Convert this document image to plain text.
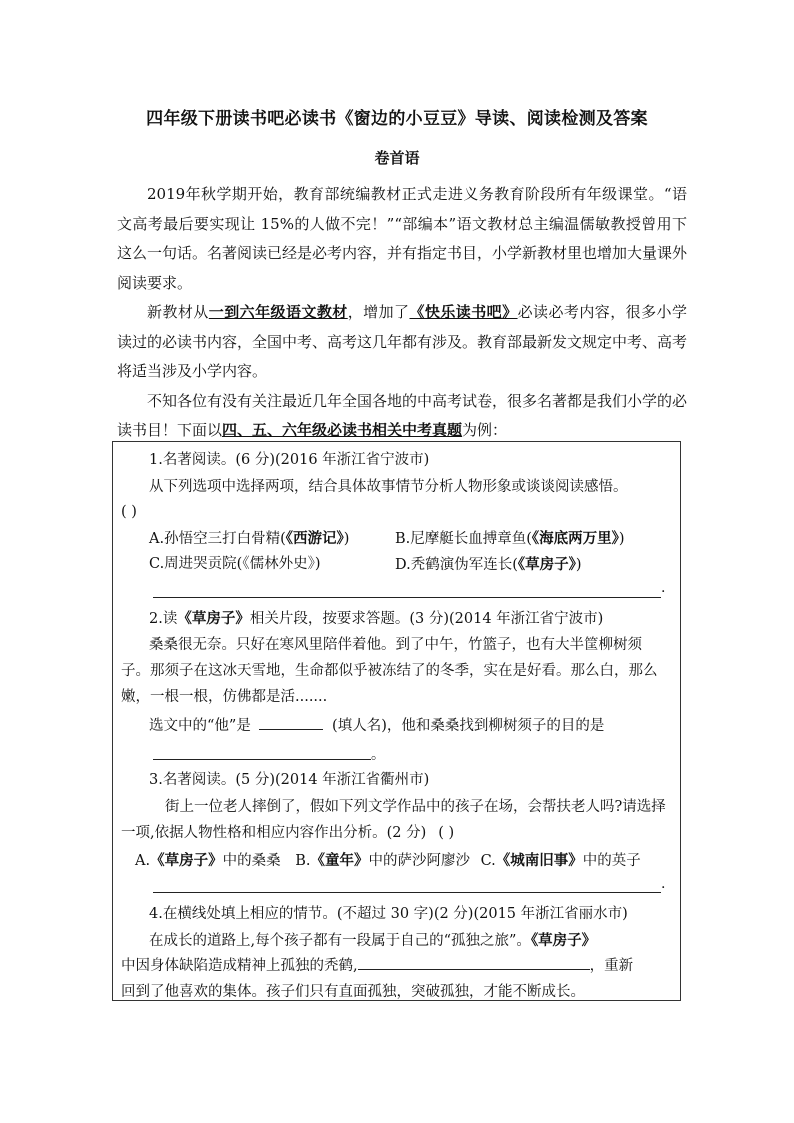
四年级下册读书吧必读书《窗边的小豆豆》导读、阅读检测及答案
卷首语

2019年秋学期开始，教育部统编教材正式走进义务教育阶段所有年级课堂。“语文高考最后要实现让 15%的人做不完！”“部编本”语文教材总主编温儒敏教授曾用下这么一句话。名著阅读已经是必考内容，并有指定书目，小学新教材里也增加大量课外阅读要求。

新教材从一到六年级语文教材，增加了《快乐读书吧》必读必考内容，很多小学读过的必读书内容，全国中考、高考这几年都有涉及。教育部最新发文规定中考、高考将适当涉及小学内容。

不知各位有没有关注最近几年全国各地的中高考试卷，很多名著都是我们小学的必读书目！下面以四、五、六年级必读书相关中考真题为例：

1.名著阅读。(6 分)(2016 年浙江省宁波市)

从下列选项中选择两项，结合具体故事情节分析人物形象或谈谈阅读感悟。

( )
A.孙悟空三打白骨精(《西游记》)	B.尼摩艇长血搏章鱼(《海底两万里》)
C.周进哭贡院(《儒林外史》)	D.秃鹤演伪军连长(《草房子》)
.

2.读《草房子》相关片段，按要求答题。(3 分)(2014 年浙江省宁波市)

桑桑很无奈。只好在寒风里陪伴着他。到了中午，竹篮子，也有大半筐柳树须子。那须子在这冰天雪地，生命都似乎被冻结了的冬季，实在是好看。那么白，那么嫩，一根一根，仿佛都是活.......
选文中的“他”是	(填人名)，他和桑桑找到柳树须子的目的是
。
3.名著阅读。(5 分)(2014 年浙江省衢州市)
街上一位老人摔倒了，假如下列文学作品中的孩子在场，会帮扶老人吗?请选择一项,依据人物性格和相应内容作出分析。(2 分) ( )
A.《草房子》中的桑桑 B.《童年》中的萨沙阿廖沙 C.《城南旧事》中的英子
.
4.在横线处填上相应的情节。(不超过 30 字)(2 分)(2015 年浙江省丽水市)
在成长的道路上,每个孩子都有一段属于自己的“孤独之旅”。《草房子》
中因身体缺陷造成精神上孤独的秃鹤,	，重新
回到了他喜欢的集体。孩子们只有直面孤独，突破孤独，才能不断成长。
